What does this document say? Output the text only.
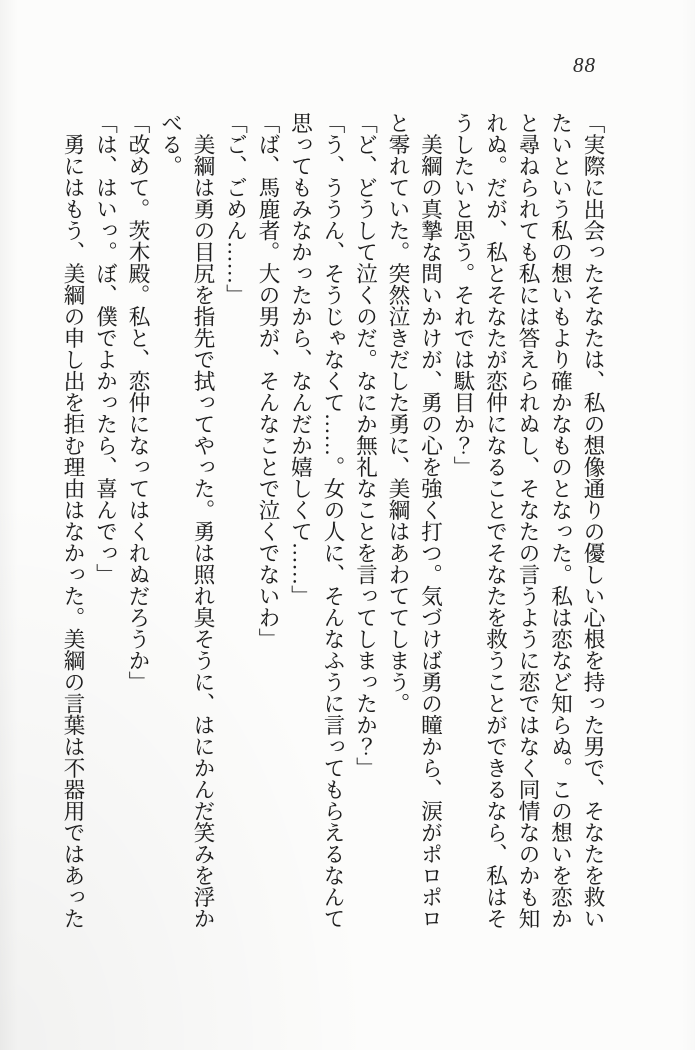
88
「実際に出会ったそなたは、私の想像通りの優しい心根を持った男で、そなたを救い
たいという私の想いもより確かなものとなった。私は恋など知らぬ。この想いを恋か
と尋ねられても私には答えられぬし、そなたの言うように恋ではなく同情なのかも知
れぬ。だが、私とそなたが恋仲になることでそなたを救うことができるなら、私はそ
うしたいと思う。それでは駄目か？」
　美綱の真摯な問いかけが、勇の心を強く打つ。気づけば勇の瞳から、涙がポロポロ
と零れていた。突然泣きだした勇に、美綱はあわててしまう。
「ど、どうして泣くのだ。なにか無礼なことを言ってしまったか？」
「う、ううん、そうじゃなくて……。女の人に、そんなふうに言ってもらえるなんて
思ってもみなかったから、なんだか嬉しくて……」
「ば、馬鹿者。大の男が、そんなことで泣くでないわ」
「ご、ごめん……」
　美綱は勇の目尻を指先で拭ってやった。勇は照れ臭そうに、はにかんだ笑みを浮か
べる。
「改めて。茨木殿。私と、恋仲になってはくれぬだろうか」
「は、はいっ。ぼ、僕でよかったら、喜んでっ」
　勇にはもう、美綱の申し出を拒む理由はなかった。美綱の言葉は不器用ではあった
